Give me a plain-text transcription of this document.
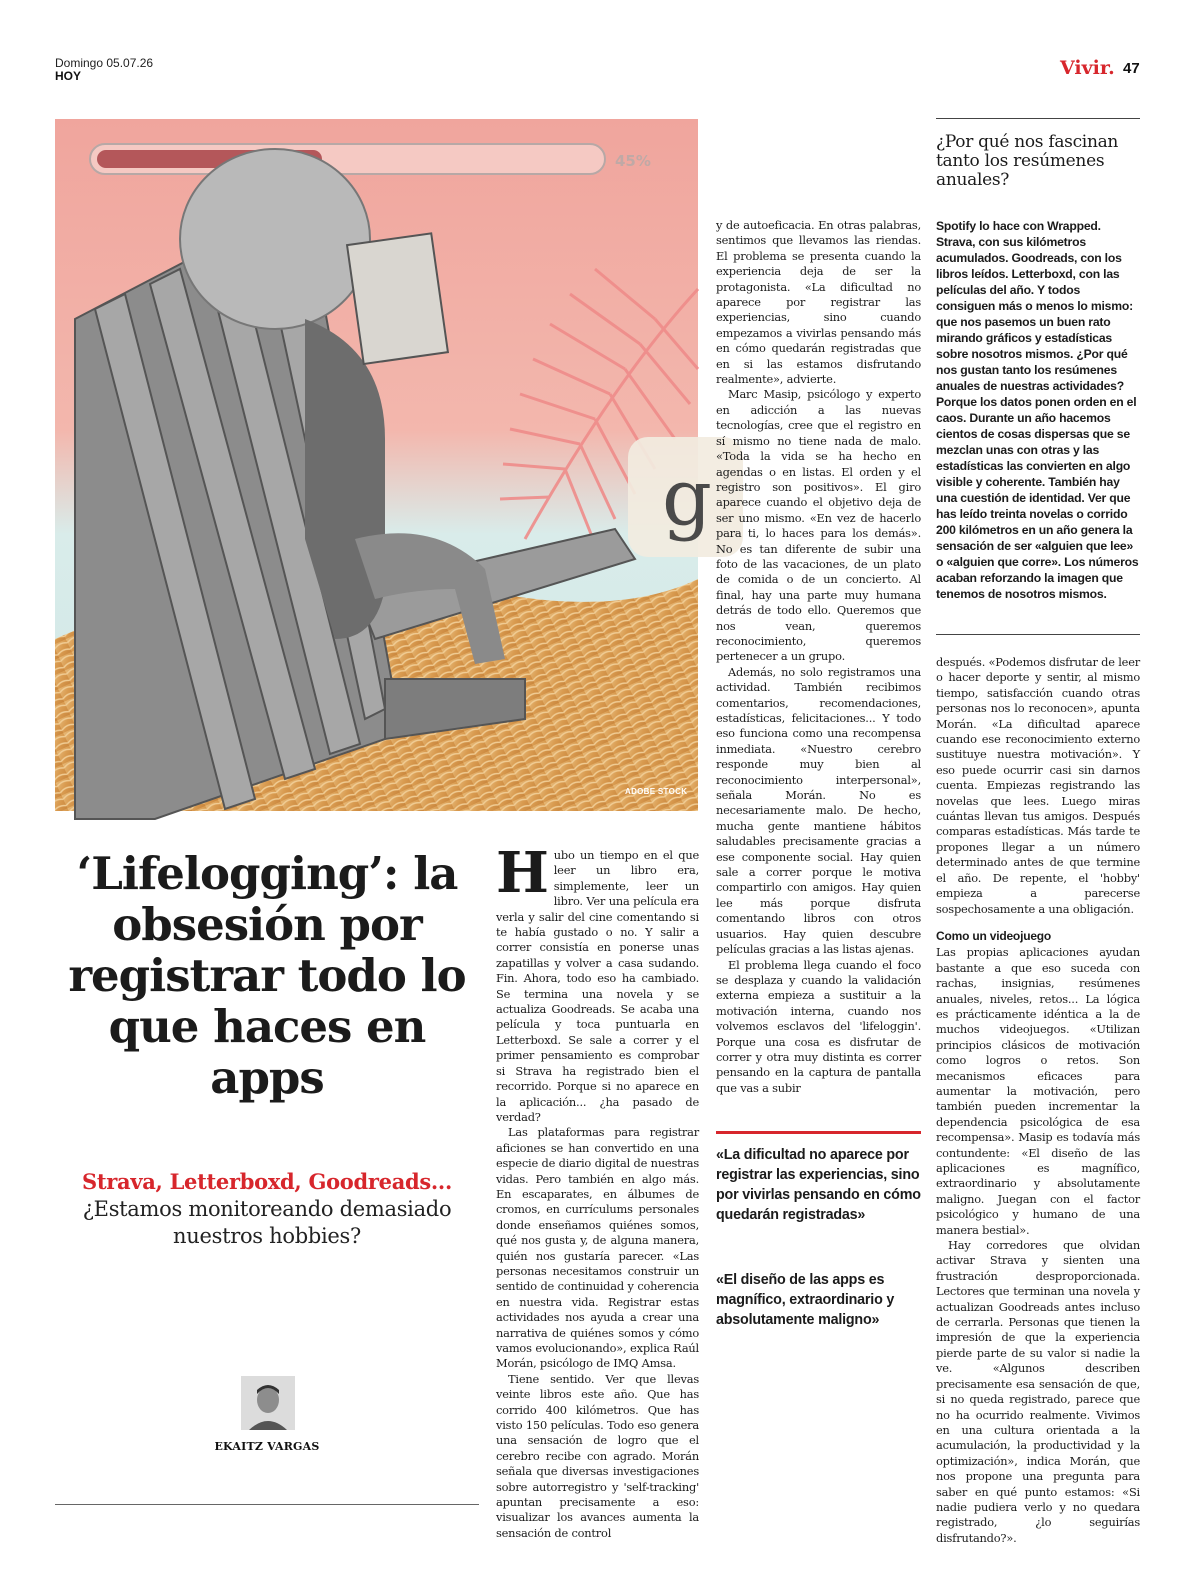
Domingo 05.07.26
HOY	Vivir. 47
g
45%
ADOBE STOCK
‘Lifelogging’: la obsesión por registrar todo lo que haces en apps
Strava, Letterboxd, Goodreads...
¿Estamos monitoreando demasiado nuestros hobbies?
EKAITZ VARGAS

Hubo un tiempo en el que leer un libro era, simplemente, leer un libro. Ver una película era verla y salir del cine comentando si te había gustado o no. Y salir a correr consistía en ponerse unas zapatillas y volver a casa sudando. Fin. Ahora, todo eso ha cambiado. Se termina una novela y se actualiza Goodreads. Se acaba una película y toca puntuarla en Letterboxd. Se sale a correr y el primer pensamiento es comprobar si Strava ha registrado bien el recorrido. Porque si no aparece en la aplicación... ¿ha pasado de verdad?

Las plataformas para registrar aficiones se han convertido en una especie de diario digital de nuestras vidas. Pero también en algo más. En escaparates, en álbumes de cromos, en currículums personales donde enseñamos quiénes somos, qué nos gusta y, de alguna manera, quién nos gustaría parecer. «Las personas necesitamos construir un sentido de continuidad y coherencia en nuestra vida. Registrar estas actividades nos ayuda a crear una narrativa de quiénes somos y cómo vamos evolucionando», explica Raúl Morán, psicólogo de IMQ Amsa.

Tiene sentido. Ver que llevas veinte libros este año. Que has corrido 400 kilómetros. Que has visto 150 películas. Todo eso genera una sensación de logro que el cerebro recibe con agrado. Morán señala que diversas investigaciones sobre autorregistro y 'self-tracking' apuntan precisamente a eso: visualizar los avances aumenta la sensación de control

y de autoeficacia. En otras palabras, sentimos que llevamos las riendas. El problema se presenta cuando la experiencia deja de ser la protagonista. «La dificultad no aparece por registrar las experiencias, sino cuando empezamos a vivirlas pensando más en cómo quedarán registradas que en si las estamos disfrutando realmente», advierte.

Marc Masip, psicólogo y experto en adicción a las nuevas tecnologías, cree que el registro en sí mismo no tiene nada de malo. «Toda la vida se ha hecho en agendas o en listas. El orden y el registro son positivos». El giro aparece cuando el objetivo deja de ser uno mismo. «En vez de hacerlo para ti, lo haces para los demás». No es tan diferente de subir una foto de las vacaciones, de un plato de comida o de un concierto. Al final, hay una parte muy humana detrás de todo ello. Queremos que nos vean, queremos reconocimiento, queremos pertenecer a un grupo.

Además, no solo registramos una actividad. También recibimos comentarios, recomendaciones, estadísticas, felicitaciones... Y todo eso funciona como una recompensa inmediata. «Nuestro cerebro responde muy bien al reconocimiento interpersonal», señala Morán. No es necesariamente malo. De hecho, mucha gente mantiene hábitos saludables precisamente gracias a ese componente social. Hay quien sale a correr porque le motiva compartirlo con amigos. Hay quien lee más porque disfruta comentando libros con otros usuarios. Hay quien descubre películas gracias a las listas ajenas.

El problema llega cuando el foco se desplaza y cuando la validación externa empieza a sustituir a la motivación interna, cuando nos volvemos esclavos del 'lifeloggin'. Porque una cosa es disfrutar de correr y otra muy distinta es correr pensando en la captura de pantalla que vas a subir

«La dificultad no aparece por registrar las experiencias, sino por vivirlas pensando en cómo quedarán registradas»
«El diseño de las apps es magnífico, extraordinario y absolutamente maligno»
¿Por qué nos fascinan tanto los resúmenes anuales?
Spotify lo hace con Wrapped. Strava, con sus kilómetros acumulados. Goodreads, con los libros leídos. Letterboxd, con las películas del año. Y todos consiguen más o menos lo mismo: que nos pasemos un buen rato mirando gráficos y estadísticas sobre nosotros mismos. ¿Por qué nos gustan tanto los resúmenes anuales de nuestras actividades? Porque los datos ponen orden en el caos. Durante un año hacemos cientos de cosas dispersas que se mezclan unas con otras y las estadísticas las convierten en algo visible y coherente. También hay una cuestión de identidad. Ver que has leído treinta novelas o corrido 200 kilómetros en un año genera la sensación de ser «alguien que lee» o «alguien que corre». Los números acaban reforzando la imagen que tenemos de nosotros mismos.

después. «Podemos disfrutar de leer o hacer deporte y sentir, al mismo tiempo, satisfacción cuando otras personas nos lo reconocen», apunta Morán. «La dificultad aparece cuando ese reconocimiento externo sustituye nuestra motivación». Y eso puede ocurrir casi sin darnos cuenta. Empiezas registrando las novelas que lees. Luego miras cuántas llevan tus amigos. Después comparas estadísticas. Más tarde te propones llegar a un número determinado antes de que termine el año. De repente, el 'hobby' empieza a parecerse sospechosamente a una obligación.

Como un videojuego

Las propias aplicaciones ayudan bastante a que eso suceda con rachas, insignias, resúmenes anuales, niveles, retos... La lógica es prácticamente idéntica a la de muchos videojuegos. «Utilizan principios clásicos de motivación como logros o retos. Son mecanismos eficaces para aumentar la motivación, pero también pueden incrementar la dependencia psicológica de esa recompensa». Masip es todavía más contundente: «El diseño de las aplicaciones es magnífico, extraordinario y absolutamente maligno. Juegan con el factor psicológico y humano de una manera bestial».

Hay corredores que olvidan activar Strava y sienten una frustración desproporcionada. Lectores que terminan una novela y actualizan Goodreads antes incluso de cerrarla. Personas que tienen la impresión de que la experiencia pierde parte de su valor si nadie la ve. «Algunos describen precisamente esa sensación de que, si no queda registrado, parece que no ha ocurrido realmente. Vivimos en una cultura orientada a la acumulación, la productividad y la optimización», indica Morán, que nos propone una pregunta para saber en qué punto estamos: «Si nadie pudiera verlo y no quedara registrado, ¿lo seguirías disfrutando?».
